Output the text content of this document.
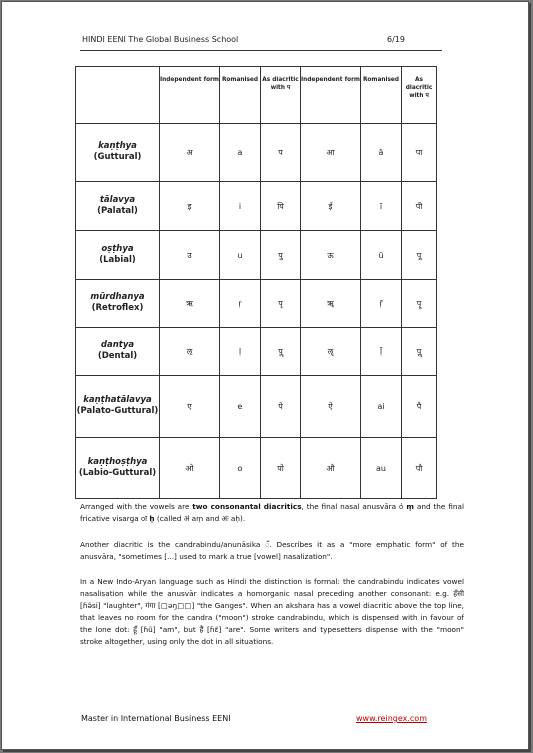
HINDI EENI The Global Business School	6/19
	Independent form	Romanised	As diacritic with प	Independent form	Romanised	As diacritic with प

kaṇṭhya
(Guttural)	अ	a	प	आ	ā	पा

tālavya
(Palatal)	इ	i	पि	ई	ī	पी

oṣṭhya
(Labial)	उ	u	पु	ऊ	ū	पू

mūrdhanya
(Retroflex)	ऋ	ṛ	पृ	ॠ	ṝ	पॄ

dantya
(Dental)	ऌ	ḷ	पॢ	ॡ	ḹ	पॣ

kaṇṭhatālavya
(Palato-Guttural)	ए	e	पे	ऐ	ai	पै

kaṇṭhoṣṭhya
(Labio-Guttural)	ओ	o	पो	औ	au	पौ

Arranged with the vowels are two consonantal diacritics, the final nasal anusvāra ं ṃ and the final fricative visarga ः ḥ (called अं aṃ and अः aḥ).

Another diacritic is the candrabindu/anunāsika ँ. Describes it as a "more emphatic form" of the anusvāra, "sometimes [...] used to mark a true [vowel] nasalization".

In a New Indo-Aryan language such as Hindi the distinction is formal: the candrabindu indicates vowel nasalisation while the anusvār indicates a homorganic nasal preceding another consonant: e.g. हँसी [ɦə̃si] "laughter", गंगा [□əŋ□□] "the Ganges". When an akshara has a vowel diacritic above the top line, that leaves no room for the candra ("moon") stroke candrabindu, which is dispensed with in favour of the lone dot: हूँ [ɦũ] "am", but हैं [ɦɛ̃] "are". Some writers and typesetters dispense with the "moon" stroke altogether, using only the dot in all situations.

Master in International Business EENI	www.reingex.com
